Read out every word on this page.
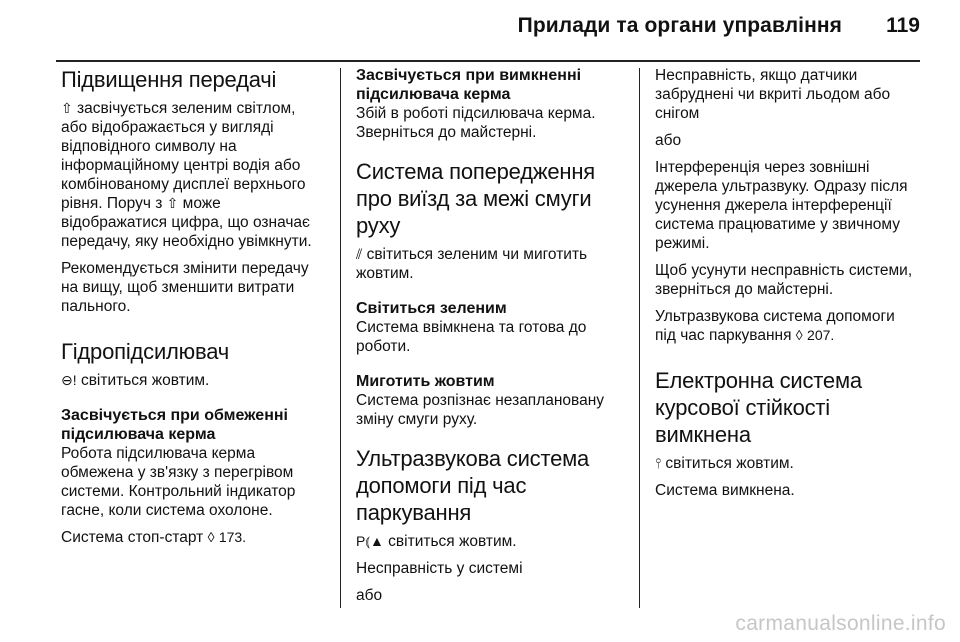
Прилади та органи управління 119
Підвищення передачі

⇧ засвічується зеленим світлом, або відображається у вигляді відповідного символу на інформаційному центрі водія або комбінованому дисплеї верхнього рівня. Поруч з ⇧ може відображатися цифра, що означає передачу, яку необхідно увімкнути.

Рекомендується змінити передачу на вищу, щоб зменшити витрати пального.

Гідропідсилювач

⊖! світиться жовтим.

Засвічується при обмеженні підсилювача керма

Робота підсилювача керма обмежена у зв'язку з перегрівом системи. Контрольний індикатор гасне, коли система охолоне.

Система стоп-старт ◊ 173.

Засвічується при вимкненні підсилювача керма

Збій в роботі підсилювача керма. Зверніться до майстерні.

Система попередження про виїзд за межі смуги руху

⫽ світиться зеленим чи миготить жовтим.

Світиться зеленим

Система ввімкнена та готова до роботи.

Миготить жовтим

Система розпізнає незаплановану зміну смуги руху.

Ультразвукова система допомоги під час паркування

P⦅▲ світиться жовтим.

Несправність у системі

або

Несправність, якщо датчики забруднені чи вкриті льодом або снігом

або

Інтерференція через зовнішні джерела ультразвуку. Одразу після усунення джерела інтерференції система працюватиме у звичному режимі.

Щоб усунути несправність системи, зверніться до майстерні.

Ультразвукова система допомоги під час паркування ◊ 207.

Електронна система курсової стійкості вимкнена

⫯ світиться жовтим.

Система вимкнена.

carmanualsonline.info
